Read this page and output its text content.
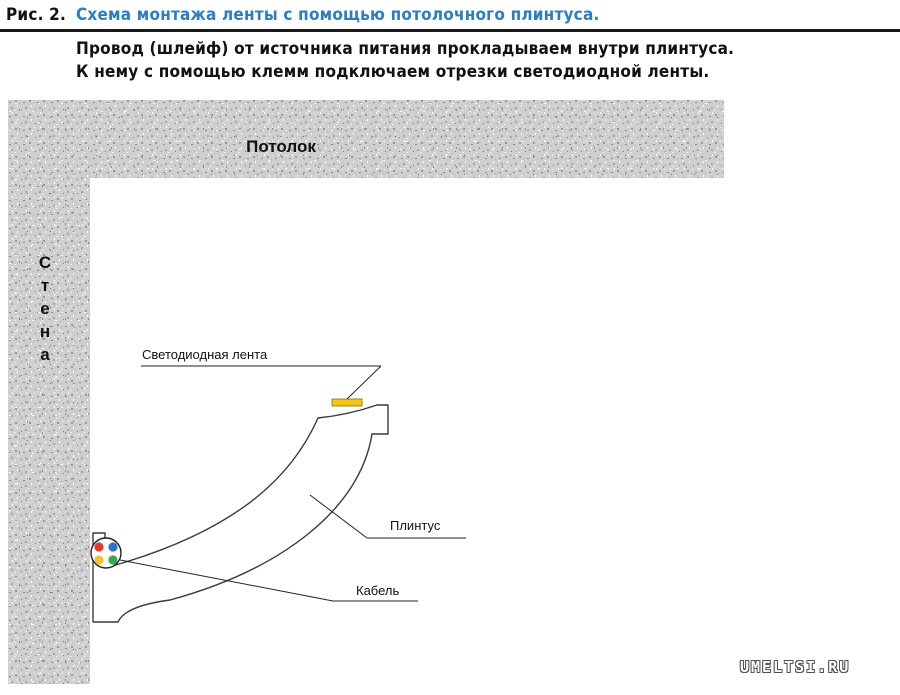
Рис. 2. Схема монтажа ленты с помощью потолочного плинтуса.
Провод (шлейф) от источника питания прокладываем внутри плинтуса.
К нему с помощью клемм подключаем отрезки светодиодной ленты.
Потолок
С
т
е
н
а	Светодиодная лента
Плинтус
Кабель
UMELTSI.RU
